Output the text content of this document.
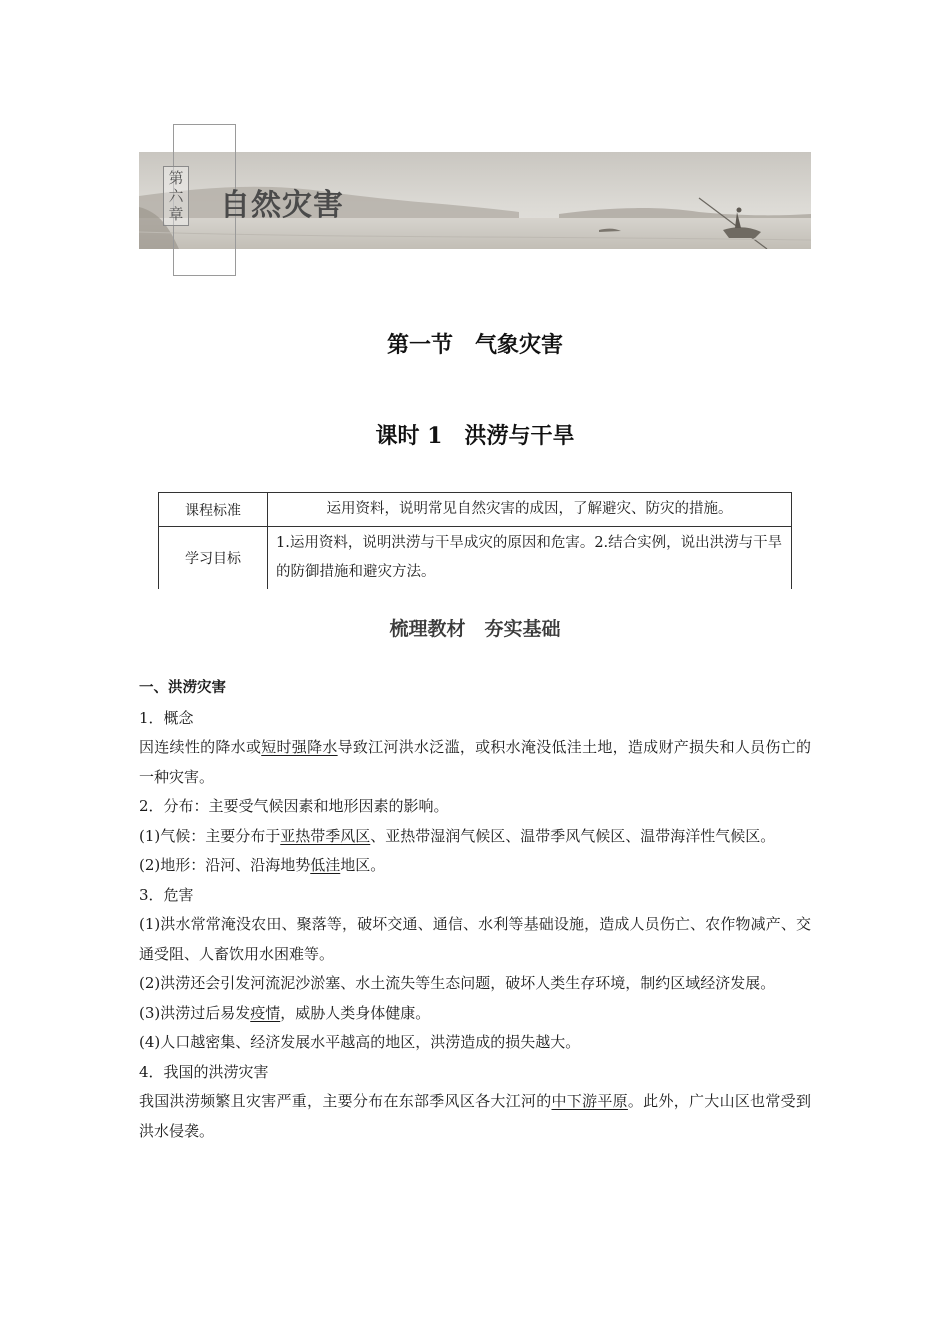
第六章 自然灾害
第一节　气象灾害
课时 1　洪涝与干旱
课程标准	运用资料，说明常见自然灾害的成因，了解避灾、防灾的措施。
学习目标	1.运用资料，说明洪涝与干旱成灾的原因和危害。2.结合实例，说出洪涝与干旱的防御措施和避灾方法。
梳理教材　夯实基础

一、洪涝灾害

1．概念

因连续性的降水或短时强降水导致江河洪水泛滥，或积水淹没低洼土地，造成财产损失和人员伤亡的一种灾害。

2．分布：主要受气候因素和地形因素的影响。

(1)气候：主要分布于亚热带季风区、亚热带湿润气候区、温带季风气候区、温带海洋性气候区。

(2)地形：沿河、沿海地势低洼地区。

3．危害

(1)洪水常常淹没农田、聚落等，破坏交通、通信、水利等基础设施，造成人员伤亡、农作物减产、交通受阻、人畜饮用水困难等。

(2)洪涝还会引发河流泥沙淤塞、水土流失等生态问题，破坏人类生存环境，制约区域经济发展。

(3)洪涝过后易发疫情，威胁人类身体健康。

(4)人口越密集、经济发展水平越高的地区，洪涝造成的损失越大。

4．我国的洪涝灾害

我国洪涝频繁且灾害严重，主要分布在东部季风区各大江河的中下游平原。此外，广大山区也常受到洪水侵袭。
